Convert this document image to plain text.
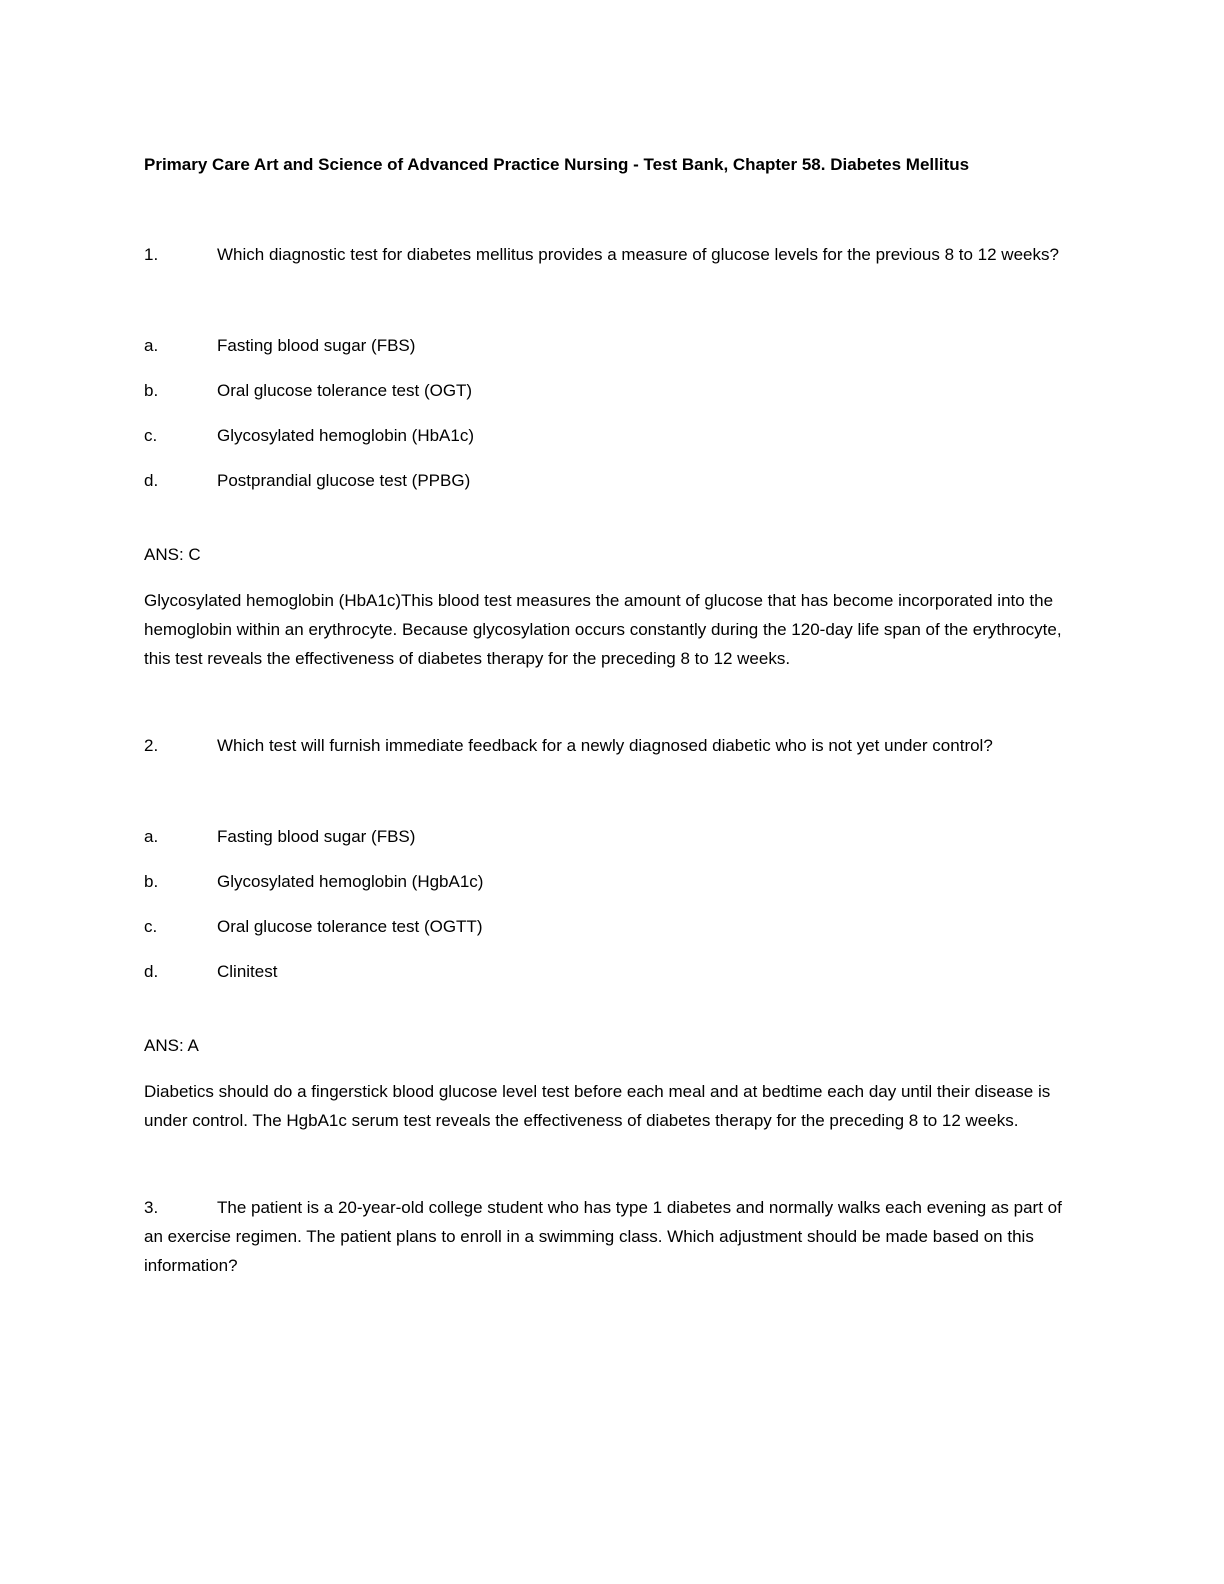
Primary Care Art and Science of Advanced Practice Nursing - Test Bank, Chapter 58. Diabetes Mellitus

1.	Which diagnostic test for diabetes mellitus provides a measure of glucose levels for the previous 8 to 12 weeks?

a.	Fasting blood sugar (FBS)

b.	Oral glucose tolerance test (OGT)

c.	Glycosylated hemoglobin (HbA1c)

d.	Postprandial glucose test (PPBG)

ANS: C

Glycosylated hemoglobin (HbA1c)This blood test measures the amount of glucose that has become incorporated into the hemoglobin within an erythrocyte. Because glycosylation occurs constantly during the 120-day life span of the erythrocyte, this test reveals the effectiveness of diabetes therapy for the preceding 8 to 12 weeks.

2.	Which test will furnish immediate feedback for a newly diagnosed diabetic who is not yet under control?

a.	Fasting blood sugar (FBS)

b.	Glycosylated hemoglobin (HgbA1c)

c.	Oral glucose tolerance test (OGTT)

d.	Clinitest

ANS: A

Diabetics should do a fingerstick blood glucose level test before each meal and at bedtime each day until their disease is under control. The HgbA1c serum test reveals the effectiveness of diabetes therapy for the preceding 8 to 12 weeks.

3.	The patient is a 20-year-old college student who has type 1 diabetes and normally walks each evening as part of an exercise regimen. The patient plans to enroll in a swimming class. Which adjustment should be made based on this information?
